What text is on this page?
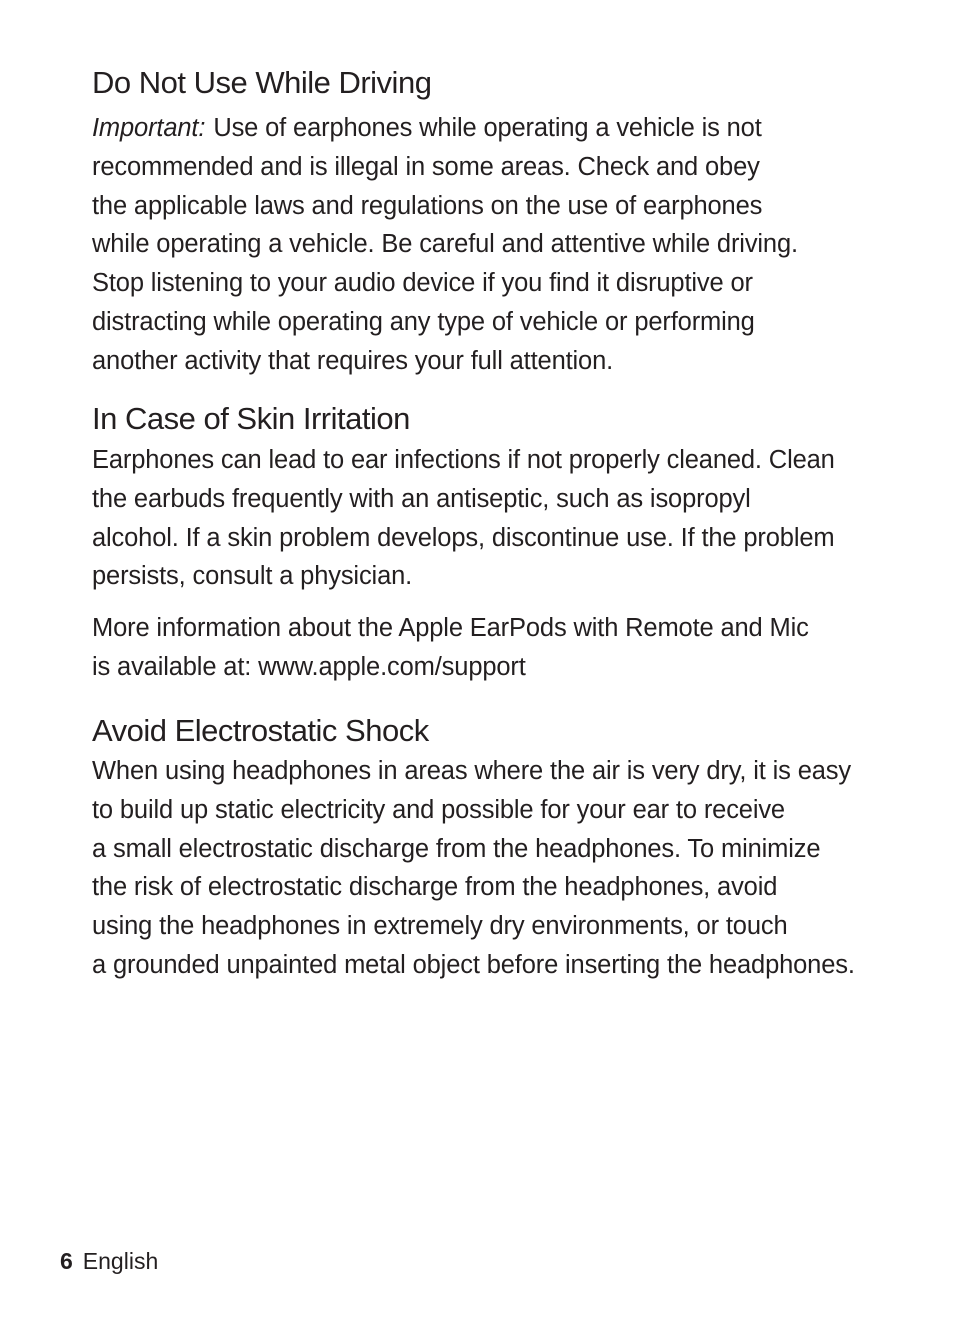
Do Not Use While Driving

Important: Use of earphones while operating a vehicle is not
recommended and is illegal in some areas. Check and obey
the applicable laws and regulations on the use of earphones
while operating a vehicle. Be careful and attentive while driving.
Stop listening to your audio device if you find it disruptive or
distracting while operating any type of vehicle or performing
another activity that requires your full attention.

In Case of Skin Irritation

Earphones can lead to ear infections if not properly cleaned. Clean
the earbuds frequently with an antiseptic, such as isopropyl
alcohol. If a skin problem develops, discontinue use. If the problem
persists, consult a physician.

More information about the Apple EarPods with Remote and Mic
is available at: www.apple.com/support

Avoid Electrostatic Shock

When using headphones in areas where the air is very dry, it is easy
to build up static electricity and possible for your ear to receive
a small electrostatic discharge from the headphones. To minimize
the risk of electrostatic discharge from the headphones, avoid
using the headphones in extremely dry environments, or touch
a grounded unpainted metal object before inserting the headphones.

6 English
